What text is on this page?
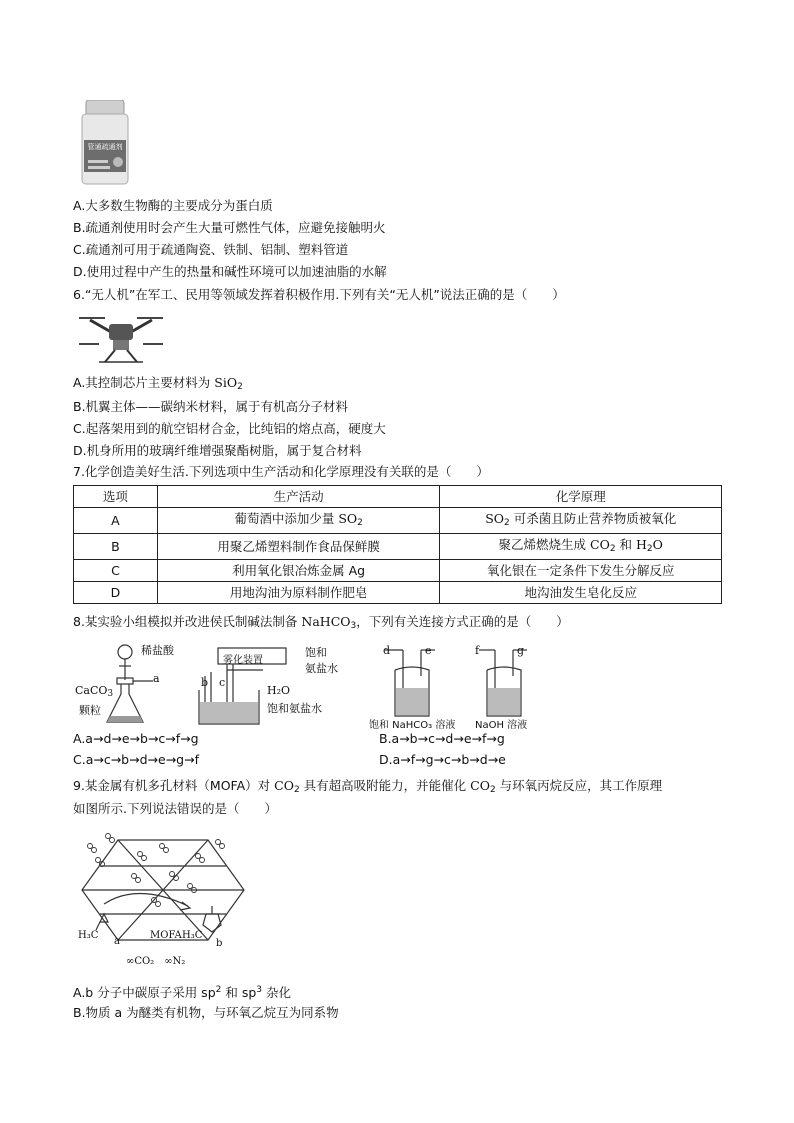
管通疏通剂
A.大多数生物酶的主要成分为蛋白质
B.疏通剂使用时会产生大量可燃性气体，应避免接触明火
C.疏通剂可用于疏通陶瓷、铁制、铝制、塑料管道
D.使用过程中产生的热量和碱性环境可以加速油脂的水解
6.“无人机”在军工、民用等领域发挥着积极作用.下列有关“无人机”说法正确的是（　　）
A.其控制芯片主要材料为 SiO$_2$
B.机翼主体——碳纳米材料，属于有机高分子材料
C.起落架用到的航空铝材合金，比纯铝的熔点高，硬度大
D.机身所用的玻璃纤维增强聚酯树脂，属于复合材料
7.化学创造美好生活.下列选项中生产活动和化学原理没有关联的是（　　）
选项	生产活动	化学原理
A	葡萄酒中添加少量 $SO_2$	$SO_2$ 可杀菌且防止营养物质被氧化
B	用聚乙烯塑料制作食品保鲜膜	聚乙烯燃烧生成 $CO_2$ 和 $H_2O$
C	利用氧化银冶炼金属 Ag	氧化银在一定条件下发生分解反应
D	用地沟油为原料制作肥皂	地沟油发生皂化反应
8.某实验小组模拟并改进侯氏制碱法制备 NaHCO$_3$，下列有关连接方式正确的是（　　）
稀盐酸
a
CaCO$_3$
颗粒
雾化装置
饱和
氨盐水
b c
H₂O
饱和氨盐水
d	e
饱和 NaHCO₃ 溶液
f	g
NaOH 溶液
A.a→d→e→b→c→f→g	B.a→b→c→d→e→f→g
C.a→c→b→d→e→g→f	D.a→f→g→c→b→d→e
9.某金属有机多孔材料（MOFA）对 $CO_2$ 具有超高吸附能力，并能催化 $CO_2$ 与环氧丙烷反应，其工作原理
如图所示.下列说法错误的是（　　）
H₃C
a
MOFA H₃C
b
∞CO₂　∞N₂
A.b 分子中碳原子采用 $sp^2$ 和 $sp^3$ 杂化
B.物质 a 为醚类有机物，与环氧乙烷互为同系物
